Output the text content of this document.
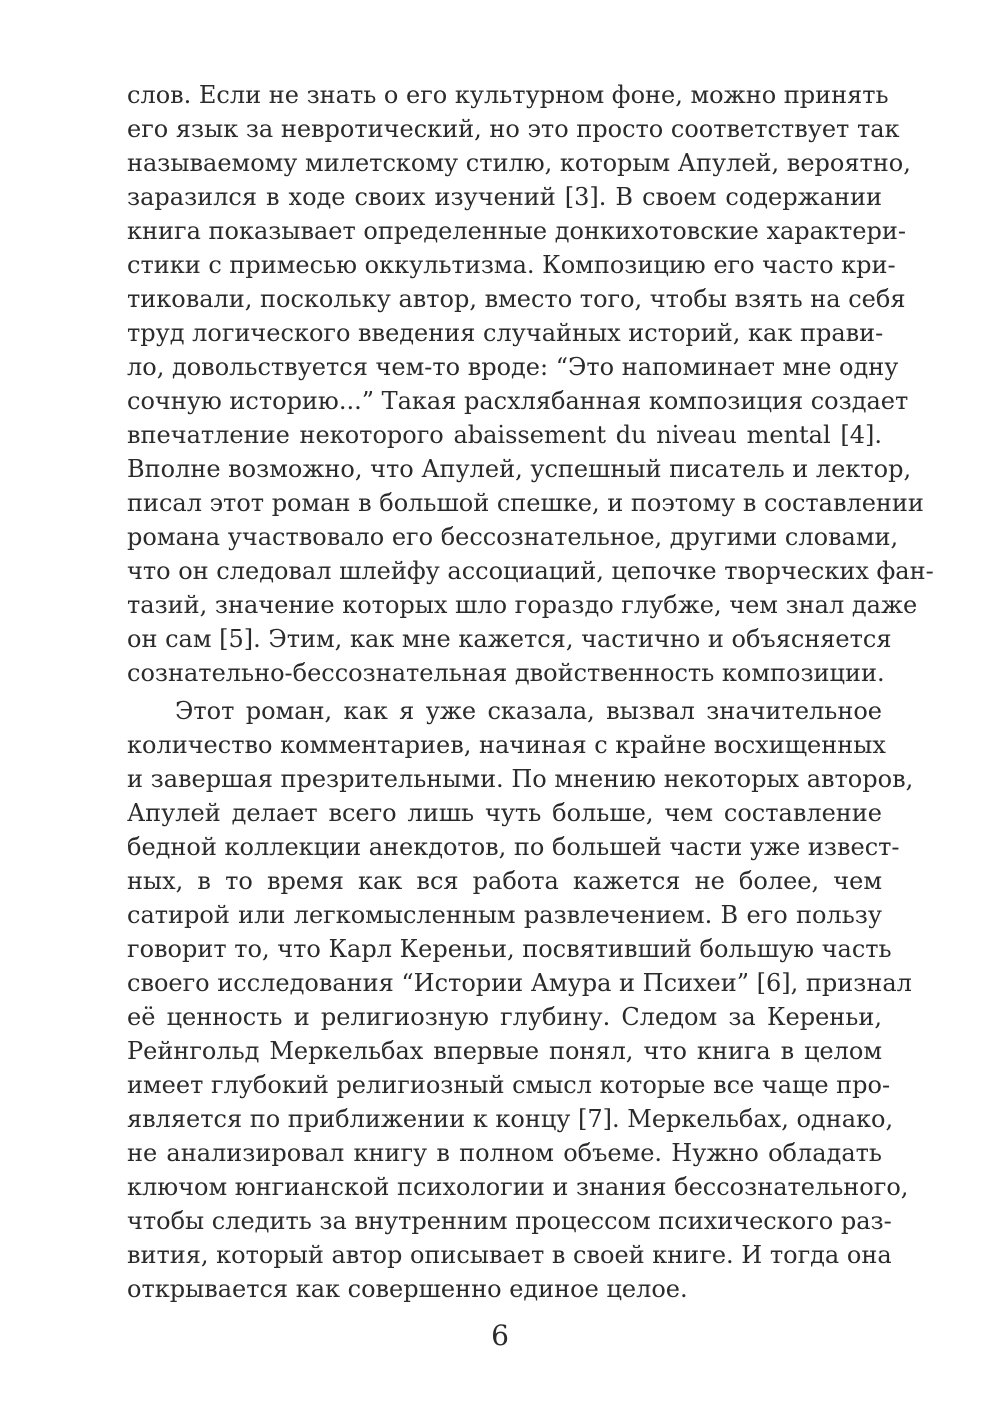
слов. Если не знать о его культурном фоне, можно принять
его язык за невротический, но это просто соответствует так
называемому милетскому стилю, которым Апулей, вероятно,
заразился в ходе своих изучений [3]. В своем содержании
книга показывает определенные донкихотовские характери-
стики с примесью оккультизма. Композицию его часто кри-
тиковали, поскольку автор, вместо того, чтобы взять на себя
труд логического введения случайных историй, как прави-
ло, довольствуется чем-то вроде: “Это напоминает мне одну
сочную историю...” Такая расхлябанная композиция создает
впечатление некоторого abaissement du niveau mental [4].
Вполне возможно, что Апулей, успешный писатель и лектор,
писал этот роман в большой спешке, и поэтому в составлении
романа участвовало его бессознательное, другими словами,
что он следовал шлейфу ассоциаций, цепочке творческих фан-
тазий, значение которых шло гораздо глубже, чем знал даже
он сам [5]. Этим, как мне кажется, частично и объясняется
сознательно-бессознательная двойственность композиции.
Этот роман, как я уже сказала, вызвал значительное
количество комментариев, начиная с крайне восхищенных
и завершая презрительными. По мнению некоторых авторов,
Апулей делает всего лишь чуть больше, чем составление
бедной коллекции анекдотов, по большей части уже извест-
ных, в то время как вся работа кажется не более, чем
сатирой или легкомысленным развлечением. В его пользу
говорит то, что Карл Кереньи, посвятивший большую часть
своего исследования “Истории Амура и Психеи” [6], признал
её ценность и религиозную глубину. Следом за Кереньи,
Рейнгольд Меркельбах впервые понял, что книга в целом
имеет глубокий религиозный смысл которые все чаще про-
является по приближении к концу [7]. Меркельбах, однако,
не анализировал книгу в полном объеме. Нужно обладать
ключом юнгианской психологии и знания бессознательного,
чтобы следить за внутренним процессом психического раз-
вития, который автор описывает в своей книге. И тогда она
открывается как совершенно единое целое.
6
